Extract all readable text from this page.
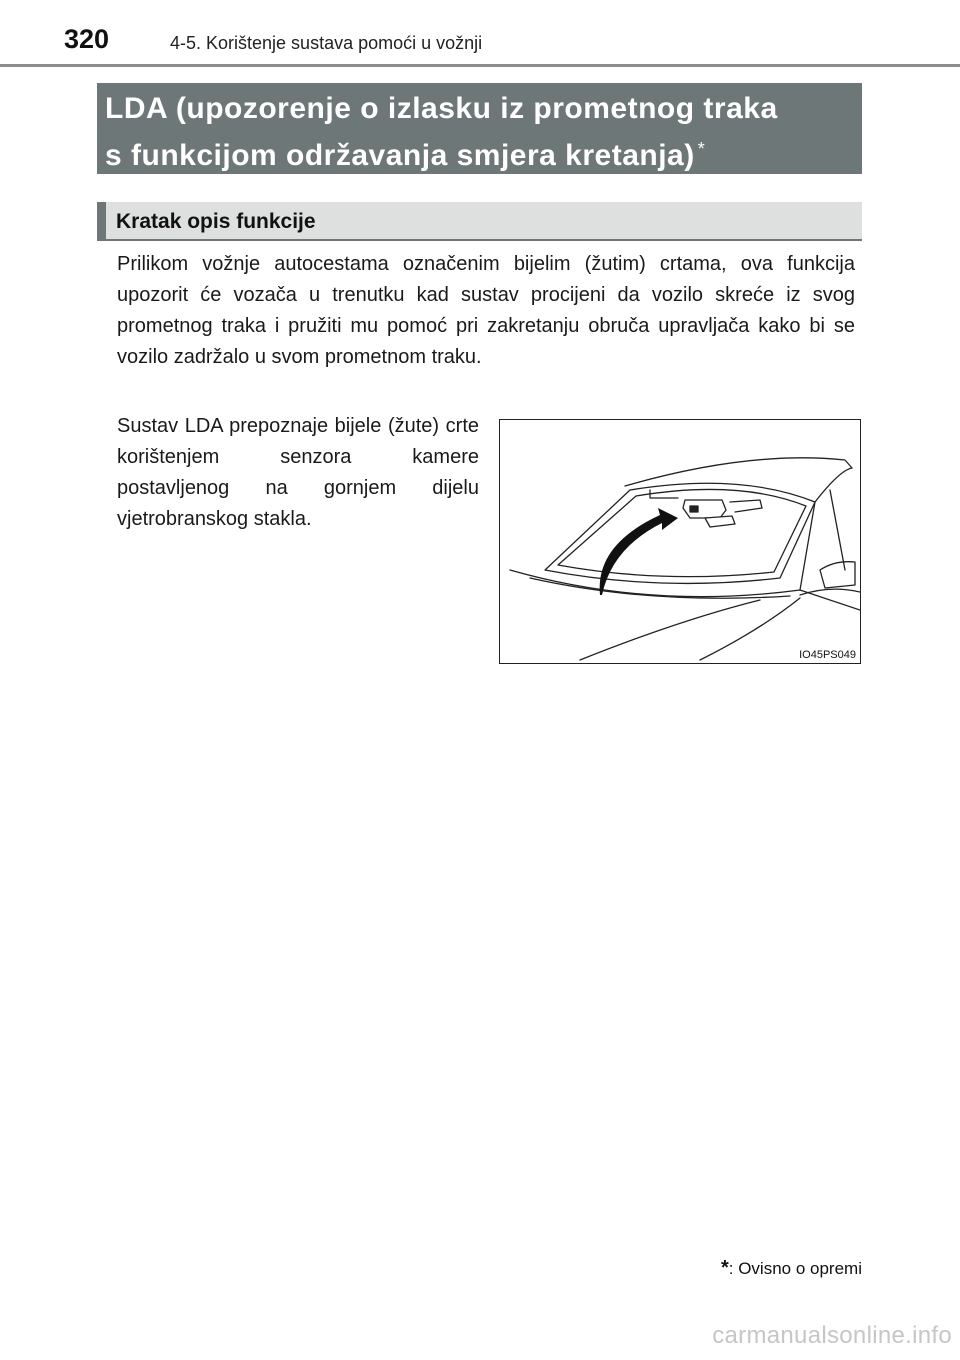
320	4-5. Korištenje sustava pomoći u vožnji
LDA (upozorenje o izlasku iz prometnog traka
s funkcijom održavanja smjera kretanja) *
Kratak opis funkcije

Prilikom vožnje autocestama označenim bijelim (žutim) crtama, ova funkcija upozorit će vozača u trenutku kad sustav procijeni da vozilo skreće iz svog prometnog traka i pružiti mu pomoć pri zakretanju obruča upravljača kako bi se vozilo zadržalo u svom prometnom traku.

Sustav LDA prepoznaje bijele (žute) crte korištenjem senzora kamere postavljenog na gornjem dijelu vjetrobranskog stakla.

IO45PS049
*: Ovisno o opremi
carmanualsonline.info
